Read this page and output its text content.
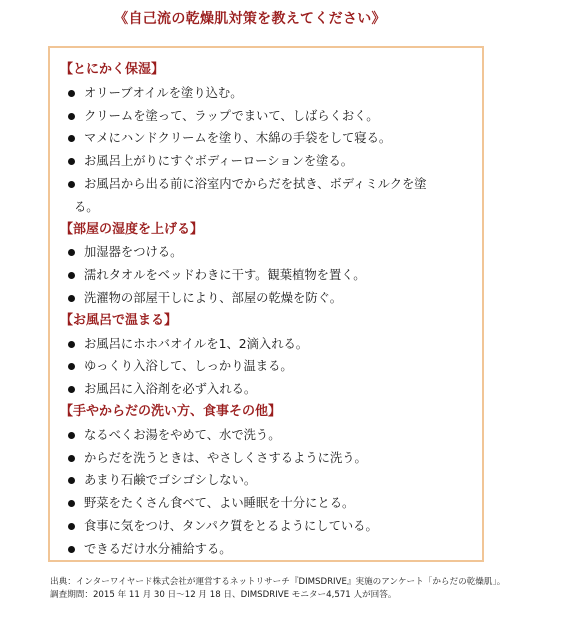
《自己流の乾燥肌対策を教えてください》
【とにかく保湿】
オリーブオイルを塗り込む。
クリームを塗って、ラップでまいて、しばらくおく。
マメにハンドクリームを塗り、木綿の手袋をして寝る。
お風呂上がりにすぐボディーローションを塗る。
お風呂から出る前に浴室内でからだを拭き、ボディミルクを塗
る。
【部屋の湿度を上げる】
加湿器をつける。
濡れタオルをベッドわきに干す。観葉植物を置く。
洗濯物の部屋干しにより、部屋の乾燥を防ぐ。
【お風呂で温まる】
お風呂にホホバオイルを1、2滴入れる。
ゆっくり入浴して、しっかり温まる。
お風呂に入浴剤を必ず入れる。
【手やからだの洗い方、食事その他】
なるべくお湯をやめて、水で洗う。
からだを洗うときは、やさしくさするように洗う。
あまり石鹸でゴシゴシしない。
野菜をたくさん食べて、よい睡眠を十分にとる。
食事に気をつけ、タンパク質をとるようにしている。
できるだけ水分補給する。
出典：インターワイヤード株式会社が運営するネットリサーチ『DIMSDRIVE』実施のアンケート「からだの乾燥肌」。
調査期間：2015 年 11 月 30 日～12 月 18 日、DIMSDRIVE モニター4,571 人が回答。
